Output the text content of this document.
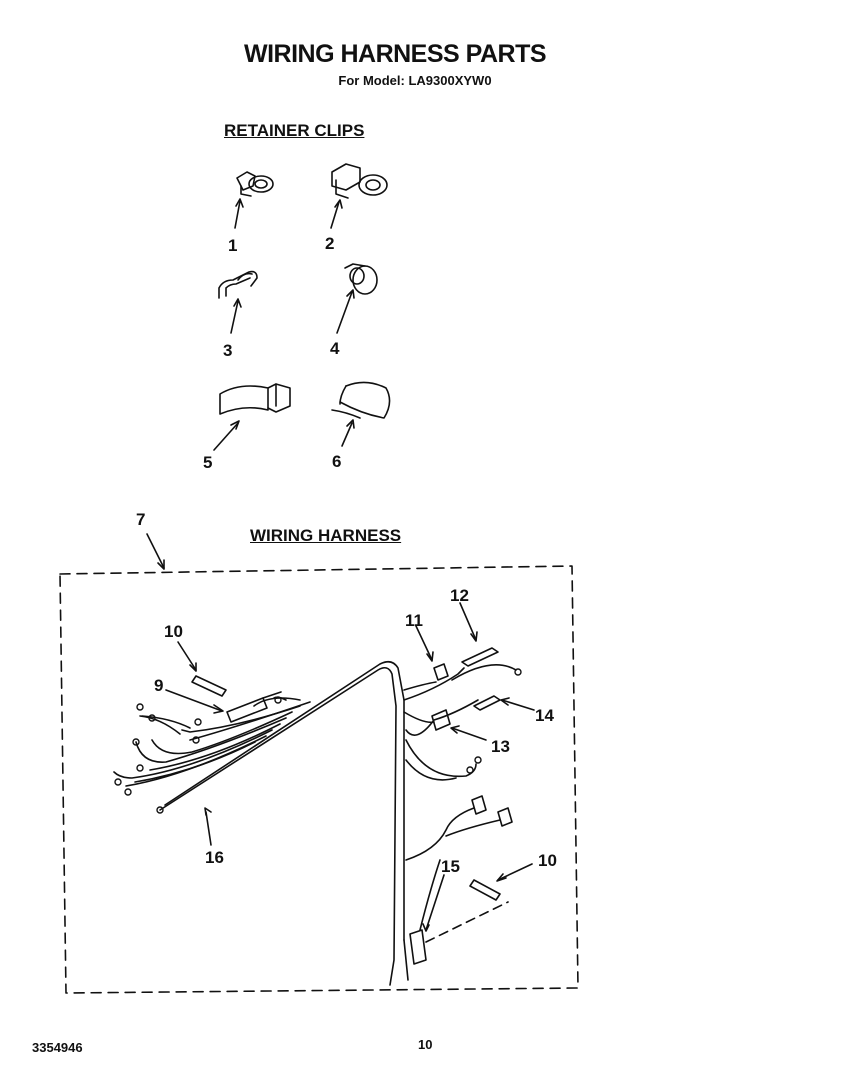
WIRING HARNESS PARTS
For Model: LA9300XYW0
RETAINER CLIPS
WIRING HARNESS
1	2
3	4
5	6
7
9
10
10
11
12
13
14
15
16
3354946	10
